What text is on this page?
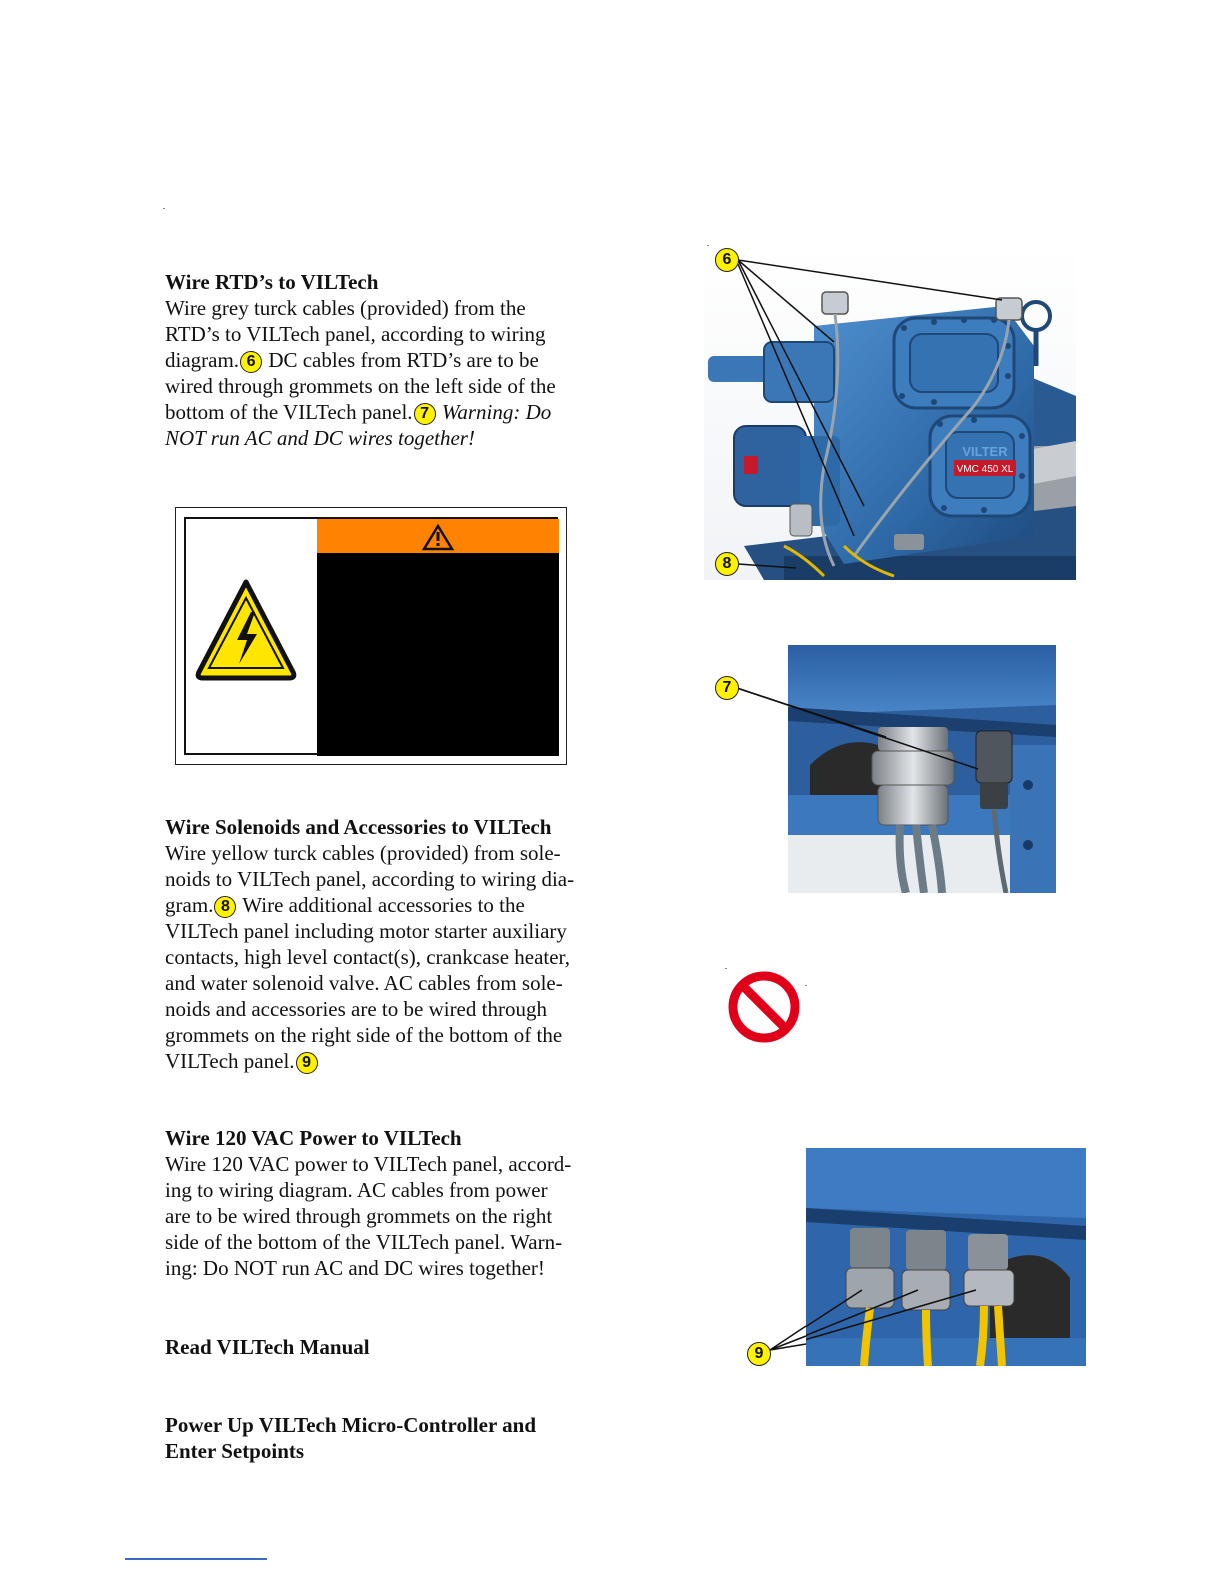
Wire RTD’s to VILTech

Wire grey turck cables (provided) from the

RTD’s to VILTech panel, according to wiring

diagram. 6 DC cables from RTD’s are to be

wired through grommets on the left side of the

bottom of the VILTech panel. 7 Warning: Do

NOT run AC and DC wires together!

Wire Solenoids and Accessories to VILTech

Wire yellow turck cables (provided) from sole-

noids to VILTech panel, according to wiring dia-

gram. 8 Wire additional accessories to the

VILTech panel including motor starter auxiliary

contacts, high level contact(s), crankcase heater,

and water solenoid valve. AC cables from sole-

noids and accessories are to be wired through

grommets on the right side of the bottom of the

VILTech panel. 9

Wire 120 VAC Power to VILTech

Wire 120 VAC power to VILTech panel, accord-

ing to wiring diagram. AC cables from power

are to be wired through grommets on the right

side of the bottom of the VILTech panel. Warn-

ing: Do NOT run AC and DC wires together!

Read VILTech Manual
Power Up VILTech Micro-Controller and
Enter Setpoints
VMC 450 XL
VILTER
6
8
7
9
